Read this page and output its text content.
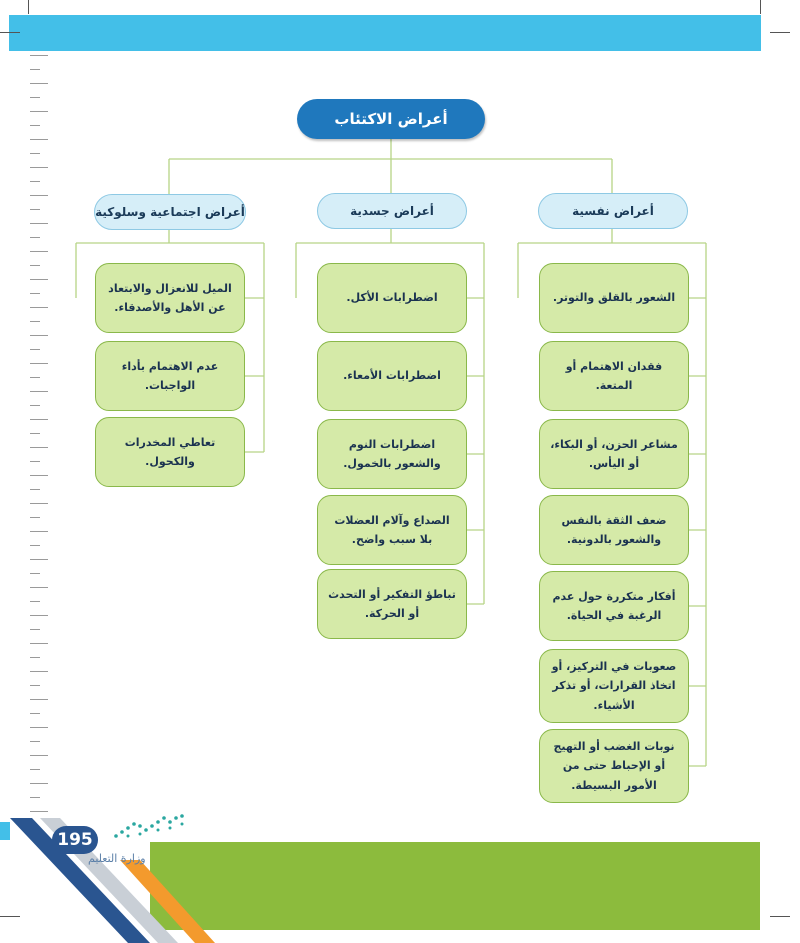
أعراض الاكتئاب
أعراض نفسية
أعراض جسدية
أعراض اجتماعية وسلوكية
الشعور بالقلق والتوتر.
فقدان الاهتمام أو المتعة.
مشاعر الحزن، أو البكاء، أو اليأس.
ضعف الثقة بالنفس والشعور بالدونية.
أفكار متكررة حول عدم الرغبة في الحياة.
صعوبات في التركيز، أو اتخاذ القرارات، أو تذكر الأشياء.
نوبات الغضب أو التهيج أو الإحباط حتى من الأمور البسيطة.
اضطرابات الأكل.
اضطرابات الأمعاء.
اضطرابات النوم والشعور بالخمول.
الصداع وآلام العضلات بلا سبب واضح.
تباطؤ التفكير أو التحدث أو الحركة.
الميل للانعزال والابتعاد عن الأهل والأصدقاء.
عدم الاهتمام بأداء الواجبات.
تعاطي المخدرات والكحول.
195
وزارة التعليم
